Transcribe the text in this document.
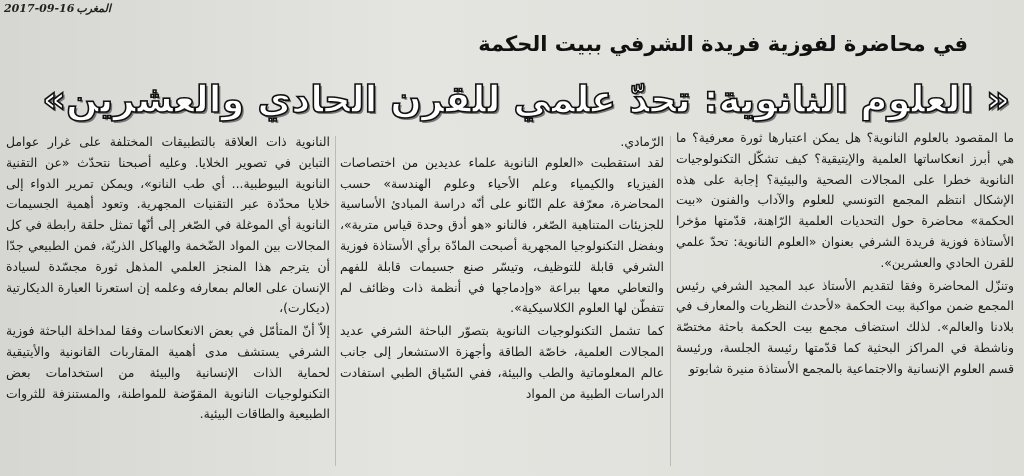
2017-09-16 المغرب
في محاضرة لفوزية فريدة الشرفي ببيت الحكمة
« العلوم النانوية: تحدّ علمي للقرن الحادي والعشرين»

ما المقصود بالعلوم النانوية؟ هل يمكن اعتبارها ثورة معرفية؟ ما هي أبرز انعكاساتها العلمية والإيتيقية؟ كيف تشكّل التكنولوجيات النانوية خطرا على المجالات الصحية والبيئية؟ إجابة على هذه الإشكال انتظم المجمع التونسي للعلوم والآداب والفنون «بيت الحكمة» محاضرة حول التحديات العلمية الرّاهنة، قدّمتها مؤخرا الأستاذة فوزية فريدة الشرفي بعنوان «العلوم النانوية: تحدّ علمي للقرن الحادي والعشرين».

وتنزّل المحاضرة وفقا لتقديم الأستاذ عبد المجيد الشرفي رئيس المجمع ضمن مواكبة بيت الحكمة «لأحدث النظريات والمعارف في بلادنا والعالم». لذلك استضاف مجمع بيت الحكمة باحثة مختصّة وناشطة في المراكز البحثية كما قدّمتها رئيسة الجلسة، ورئيسة قسم العلوم الإنسانية والاجتماعية بالمجمع الأستاذة منيرة شابوتو

الرّمادي.

لقد استقطبت «العلوم النانوية علماء عديدين من اختصاصات الفيزياء والكيمياء وعلم الأحياء وعلوم الهندسة» حسب المحاضرة، معرّفة علم النّانو على أنّه دراسة المبادئ الأساسية للجزيئات المتناهية الصّغر، فالنانو «هو أدق وحدة قياس مترية»، وبفضل التكنولوجيا المجهرية أصبحت المادّة برأي الأستاذة فوزية الشرفي قابلة للتوظيف، وتيسّر صنع جسيمات قابلة للفهم والتعاطي معها ببراعة «وإدماجها في أنظمة ذات وظائف لم تتفطّن لها العلوم الكلاسيكية».

كما تشمل التكنولوجيات النانوية بتصوّر الباحثة الشرفي عديد المجالات العلمية، خاصّة الطاقة وأجهزة الاستشعار إلى جانب عالم المعلوماتية والطب والبيئة، ففي السّياق الطبي استفادت الدراسات الطبية من المواد

النانوية ذات العلاقة بالتطبيقات المختلفة على غرار عوامل التباين في تصوير الخلايا. وعليه أصبحنا نتحدّث «عن التقنية النانوية البيوطبية... أي طب النانو»، ويمكن تمرير الدواء إلى خلايا محدّدة عبر التقنيات المجهرية. وتعود أهمية الجسيمات النانوية أي الموغلة في الصّغر إلى أنّها تمثل حلقة رابطة في كل المجالات بين المواد الضّخمة والهياكل الذريّة، فمن الطبيعي جدّا أن يترجم هذا المنجز العلمي المذهل ثورة مجسّدة لسيادة الإنسان على العالم بمعارفه وعلمه إن استعرنا العبارة الديكارتية (ديكارت)،

إلاّ أنّ المتأمّل في بعض الانعكاسات وفقا لمداخلة الباحثة فوزية الشرفي يستشف مدى أهمية المقاربات القانونية والأيتيقية لحماية الذات الإنسانية والبيئة من استخدامات بعض التكنولوجيات النانوية المقوّضة للمواطنة، والمستنزفة للثروات الطبيعية والطاقات البيئية.
